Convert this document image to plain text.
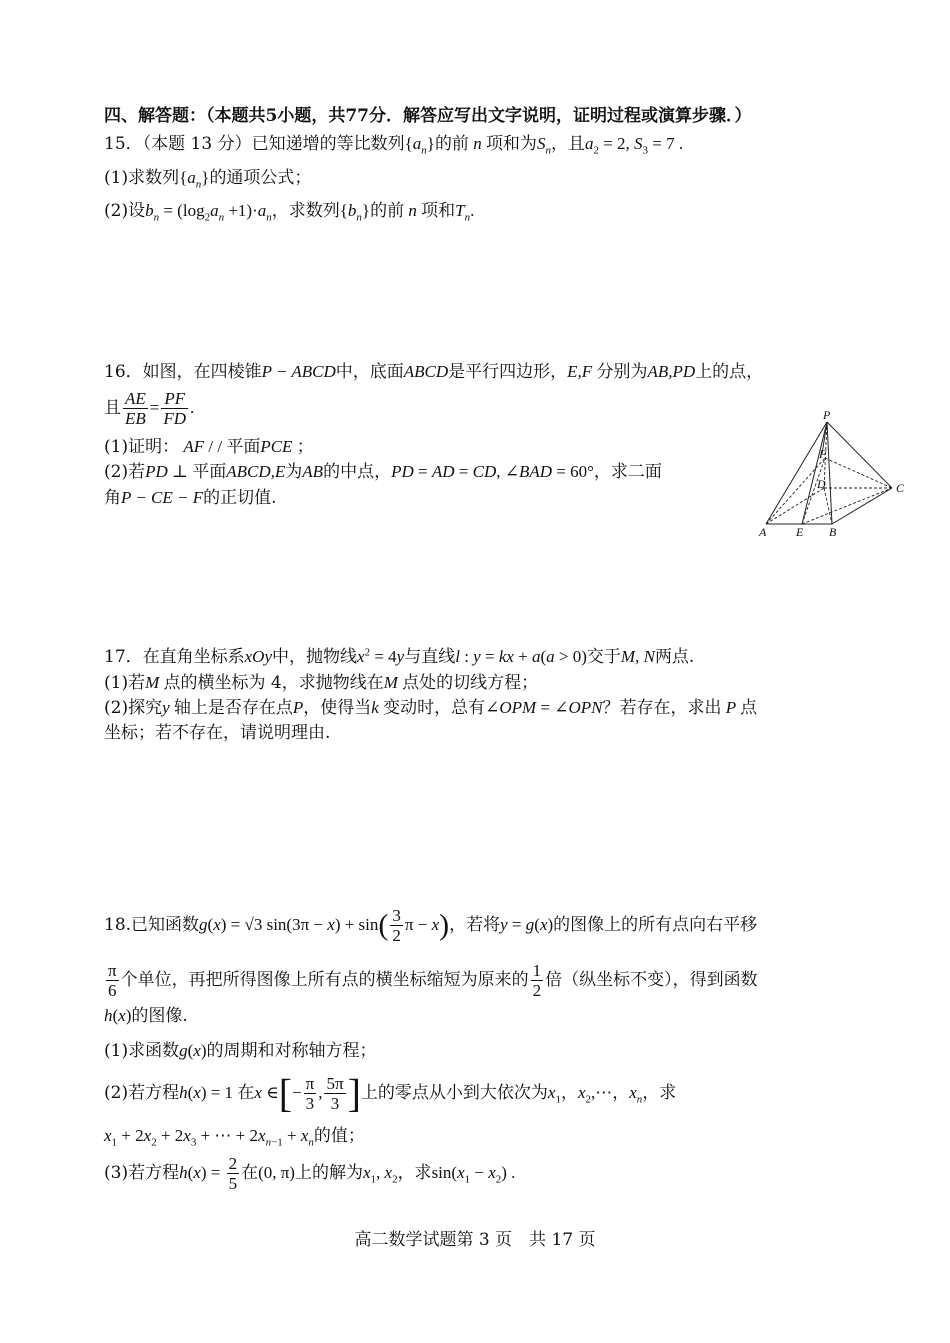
四、解答题：（本题共5小题，共77分．解答应写出文字说明，证明过程或演算步骤．）
15．（本题 13 分）已知递增的等比数列$\{a_n\}$的前 n 项和为$S_n$，且$a_2 = 2$, $S_3 = 7$ .
(1)求数列$\{a_n\}$的通项公式；
(2)设$b_n = (\log_2a_n +1)\cdot a_n$，求数列$\{b_n\}$的前 n 项和$T_n$.
16．如图，在四棱锥P − ABCD中，底面ABCD是平行四边形，E,F 分别为AB,PD上的点，
且 $\frac{AE}{EB} = \frac{PF}{FD}$ .
(1)证明： AF / / 平面PCE ；
(2)若PD ⊥ 平面ABCD,E为AB的中点，PD = AD = CD, ∠BAD = 60°，求二面
角P − CE − F的正切值.
P
F
D	C
A E B
17．在直角坐标系xOy中，抛物线$x^2 = 4y$与直线l : y = kx + a(a > 0)交于M, N两点.
(1)若M 点的横坐标为 4，求抛物线在M 点处的切线方程；
(2)探究y 轴上是否存在点P，使得当k 变动时，总有∠OPM = ∠OPN？若存在，求出 P 点
坐标；若不存在，请说明理由.
18.已知函数g(x) = √3 $\sin(3\pi - x) + \sin( \frac{3}{2}$ π − x)，若将y = g(x)的图像上的所有点向右平移
$\frac{\pi}{6}$ 个单位，再把所得图像上所有点的横坐标缩短为原来的 $\frac{1}{2}$ 倍（纵坐标不变），得到函数
h(x)的图像.
(1)求函数g(x)的周期和对称轴方程；
(2)若方程h(x) = 1 在x ∈[− $\frac{\pi}{3}$ , $\frac{5\pi}{3}$ ]上的零点从小到大依次为$x_1$，$x_2,\cdots$，$x_n$，求
$x_1 + 2x_2 + 2x_3$ + ⋯ + $2x_{n-1} + x_n$的值；
(3)若方程$h(x) = \frac{2}{5}$ 在(0, π)上的解为$x_1$, $x_2$，求$\sin(x_1 - x_2)$ .
高二数学试题第 3 页　共 17 页
